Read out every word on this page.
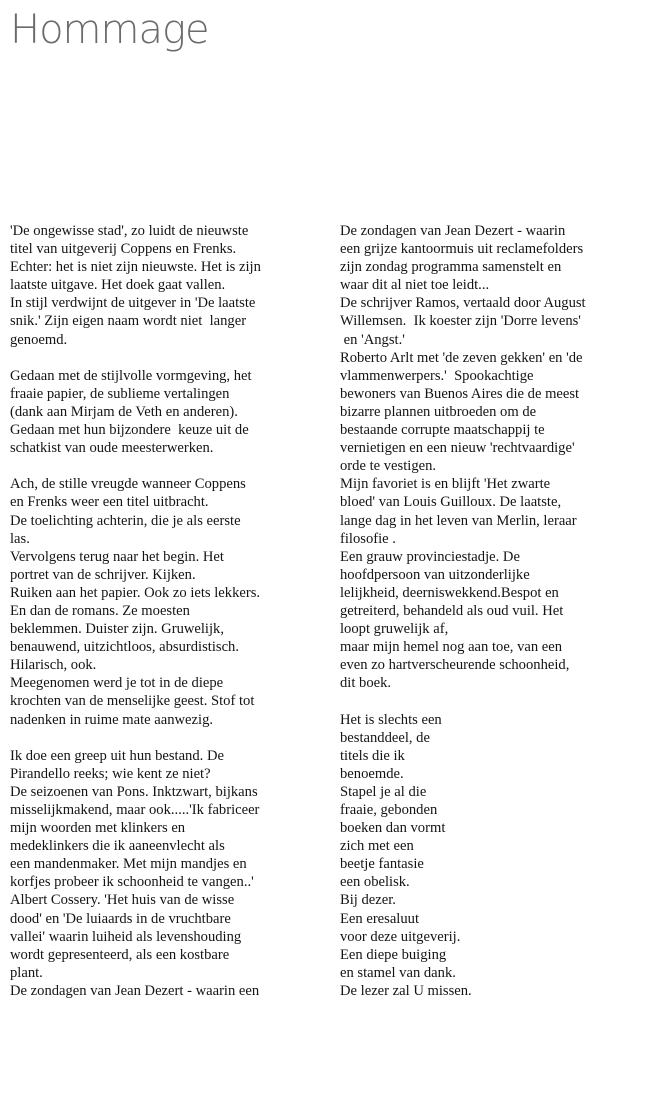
Hommage

'De ongewisse stad', zo luidt de nieuwste
titel van uitgeverij Coppens en Frenks.
Echter: het is niet zijn nieuwste. Het is zijn
laatste uitgave. Het doek gaat vallen.
In stijl verdwijnt de uitgever in 'De laatste
snik.' Zijn eigen naam wordt niet  langer
genoemd.

Gedaan met de stijlvolle vormgeving, het
fraaie papier, de sublieme vertalingen
(dank aan Mirjam de Veth en anderen).
Gedaan met hun bijzondere  keuze uit de
schatkist van oude meesterwerken.

Ach, de stille vreugde wanneer Coppens
en Frenks weer een titel uitbracht.
De toelichting achterin, die je als eerste
las.
Vervolgens terug naar het begin. Het
portret van de schrijver. Kijken.
Ruiken aan het papier. Ook zo iets lekkers.
En dan de romans. Ze moesten
beklemmen. Duister zijn. Gruwelijk,
benauwend, uitzichtloos, absurdistisch.
Hilarisch, ook.
Meegenomen werd je tot in de diepe
krochten van de menselijke geest. Stof tot
nadenken in ruime mate aanwezig.

Ik doe een greep uit hun bestand. De
Pirandello reeks; wie kent ze niet?
De seizoenen van Pons. Inktzwart, bijkans
misselijkmakend, maar ook.....'Ik fabriceer
mijn woorden met klinkers en
medeklinkers die ik aaneenvlecht als
een mandenmaker. Met mijn mandjes en
korfjes probeer ik schoonheid te vangen..'
Albert Cossery. 'Het huis van de wisse
dood' en 'De luiaards in de vruchtbare
vallei' waarin luiheid als levenshouding
wordt gepresenteerd, als een kostbare
plant.
De zondagen van Jean Dezert - waarin een

De zondagen van Jean Dezert - waarin
een grijze kantoormuis uit reclamefolders
zijn zondag programma samenstelt en
waar dit al niet toe leidt...
De schrijver Ramos, vertaald door August
Willemsen.  Ik koester zijn 'Dorre levens'
en 'Angst.'
Roberto Arlt met 'de zeven gekken' en 'de
vlammenwerpers.'  Spookachtige
bewoners van Buenos Aires die de meest
bizarre plannen uitbroeden om de
bestaande corrupte maatschappij te
vernietigen en een nieuw 'rechtvaardige'
orde te vestigen.
Mijn favoriet is en blijft 'Het zwarte
bloed' van Louis Guilloux. De laatste,
lange dag in het leven van Merlin, leraar
filosofie .
Een grauw provinciestadje. De
hoofdpersoon van uitzonderlijke
lelijkheid, deerniswekkend.Bespot en
getreiterd, behandeld als oud vuil. Het
loopt gruwelijk af,
maar mijn hemel nog aan toe, van een
even zo hartverscheurende schoonheid,
dit boek.

Het is slechts een
bestanddeel, de
titels die ik
benoemde.
Stapel je al die
fraaie, gebonden
boeken dan vormt
zich met een
beetje fantasie
een obelisk.
Bij dezer.
Een eresaluut
voor deze uitgeverij.
Een diepe buiging
en stamel van dank.
De lezer zal U missen.
